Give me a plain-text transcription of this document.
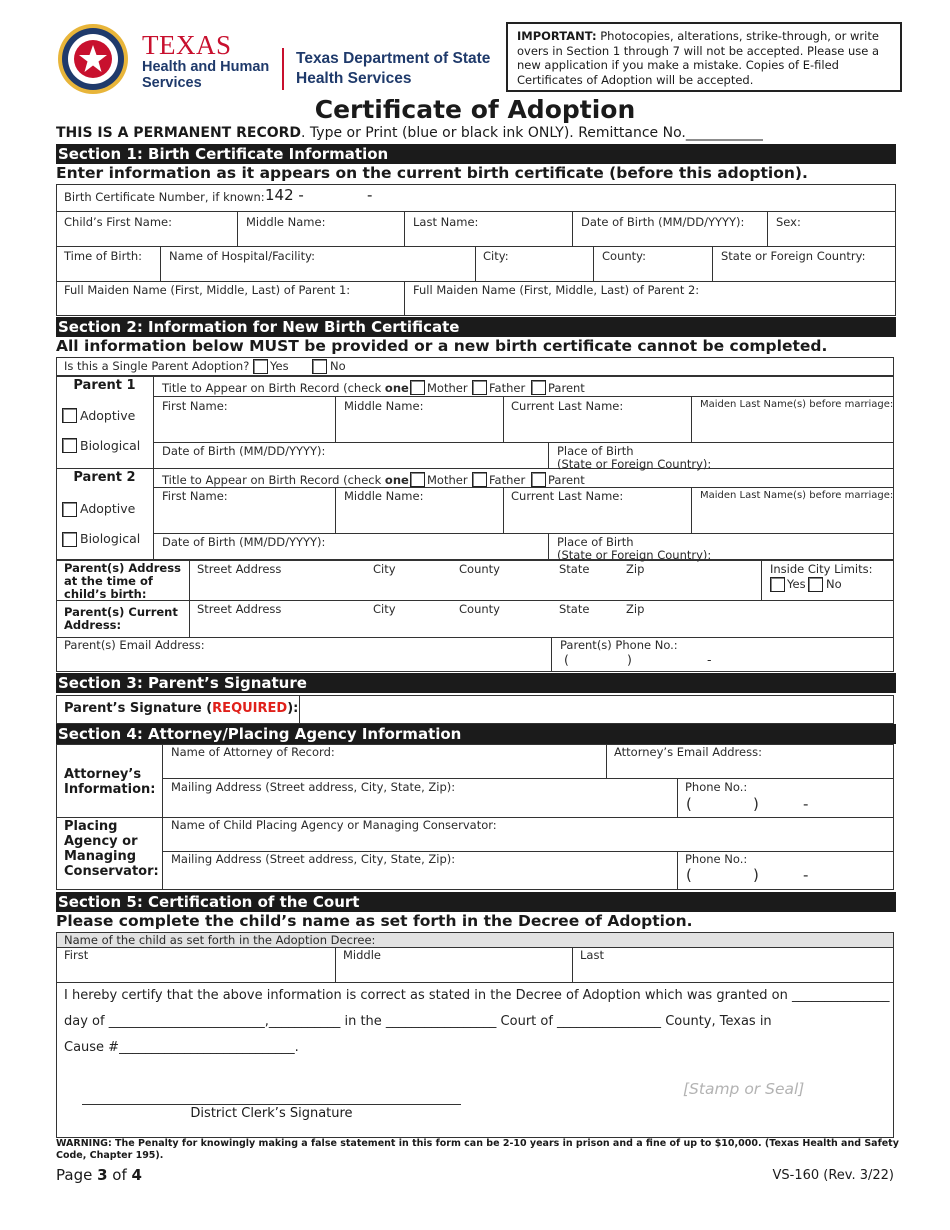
TEXAS
Health and Human
Services
Texas Department of State
Health Services
IMPORTANT: Photocopies, alterations, strike-through, or write overs in Section 1 through 7 will not be accepted. Please use a new application if you make a mistake. Copies of E-filed Certificates of Adoption will be accepted.
Certificate of Adoption
THIS IS A PERMANENT RECORD. Type or Print (blue or black ink ONLY). Remittance No.___________
Section 1: Birth Certificate Information
Enter information as it appears on the current birth certificate (before this adoption).
Birth Certificate Number, if known: 142 -	-
Child’s First Name:	Middle Name:	Last Name:	Date of Birth (MM/DD/YYYY):	Sex:
Time of Birth: Name of Hospital/Facility:	City:	County:	State or Foreign Country:
Full Maiden Name (First, Middle, Last) of Parent 1:	Full Maiden Name (First, Middle, Last) of Parent 2:
Section 2: Information for New Birth Certificate
All information below MUST be provided or a new birth certificate cannot be completed.
Is this a Single Parent Adoption? Yes	No
Parent 1
Adoptive
Biological
Title to Appear on Birth Record (check one	Mother Father Parent
First Name:	Middle Name:	Current Last Name:	Maiden Last Name(s) before marriage:
Date of Birth (MM/DD/YYYY):	Place of Birth
(State or Foreign Country):
Parent 2
Adoptive
Biological
Title to Appear on Birth Record (check one	Mother Father Parent
First Name:	Middle Name:	Current Last Name:	Maiden Last Name(s) before marriage:
Date of Birth (MM/DD/YYYY):	Place of Birth
(State or Foreign Country):
Parent(s) Address
at the time of
child’s birth:
Street Address	City	County	State	Zip	Inside City Limits:
Yes No
Parent(s) Current
Address:
Street Address	City	County	State	Zip
Parent(s) Email Address:	Parent(s) Phone No.:
(	)	-
Section 3: Parent’s Signature
Parent’s Signature (REQUIRED):
Section 4: Attorney/Placing Agency Information
Attorney’s
Information:
Name of Attorney of Record:	Attorney’s Email Address:
Mailing Address (Street address, City, State, Zip):	Phone No.:
(	)	-
Placing
Agency or
Managing
Conservator:
Name of Child Placing Agency or Managing Conservator:
Mailing Address (Street address, City, State, Zip):	Phone No.:
(	)	-
Section 5: Certification of the Court
Please complete the child’s name as set forth in the Decree of Adoption.
Name of the child as set forth in the Adoption Decree:
First	Middle	Last
I hereby certify that the above information is correct as stated in the Decree of Adoption which was granted on _______________
day of ________________________,___________ in the _________________ Court of ________________ County, Texas in
Cause #___________________________.
[Stamp or Seal]
District Clerk’s Signature
WARNING: The Penalty for knowingly making a false statement in this form can be 2-10 years in prison and a fine of up to $10,000. (Texas Health and Safety Code, Chapter 195).
Page 3 of 4	VS-160 (Rev. 3/22)
